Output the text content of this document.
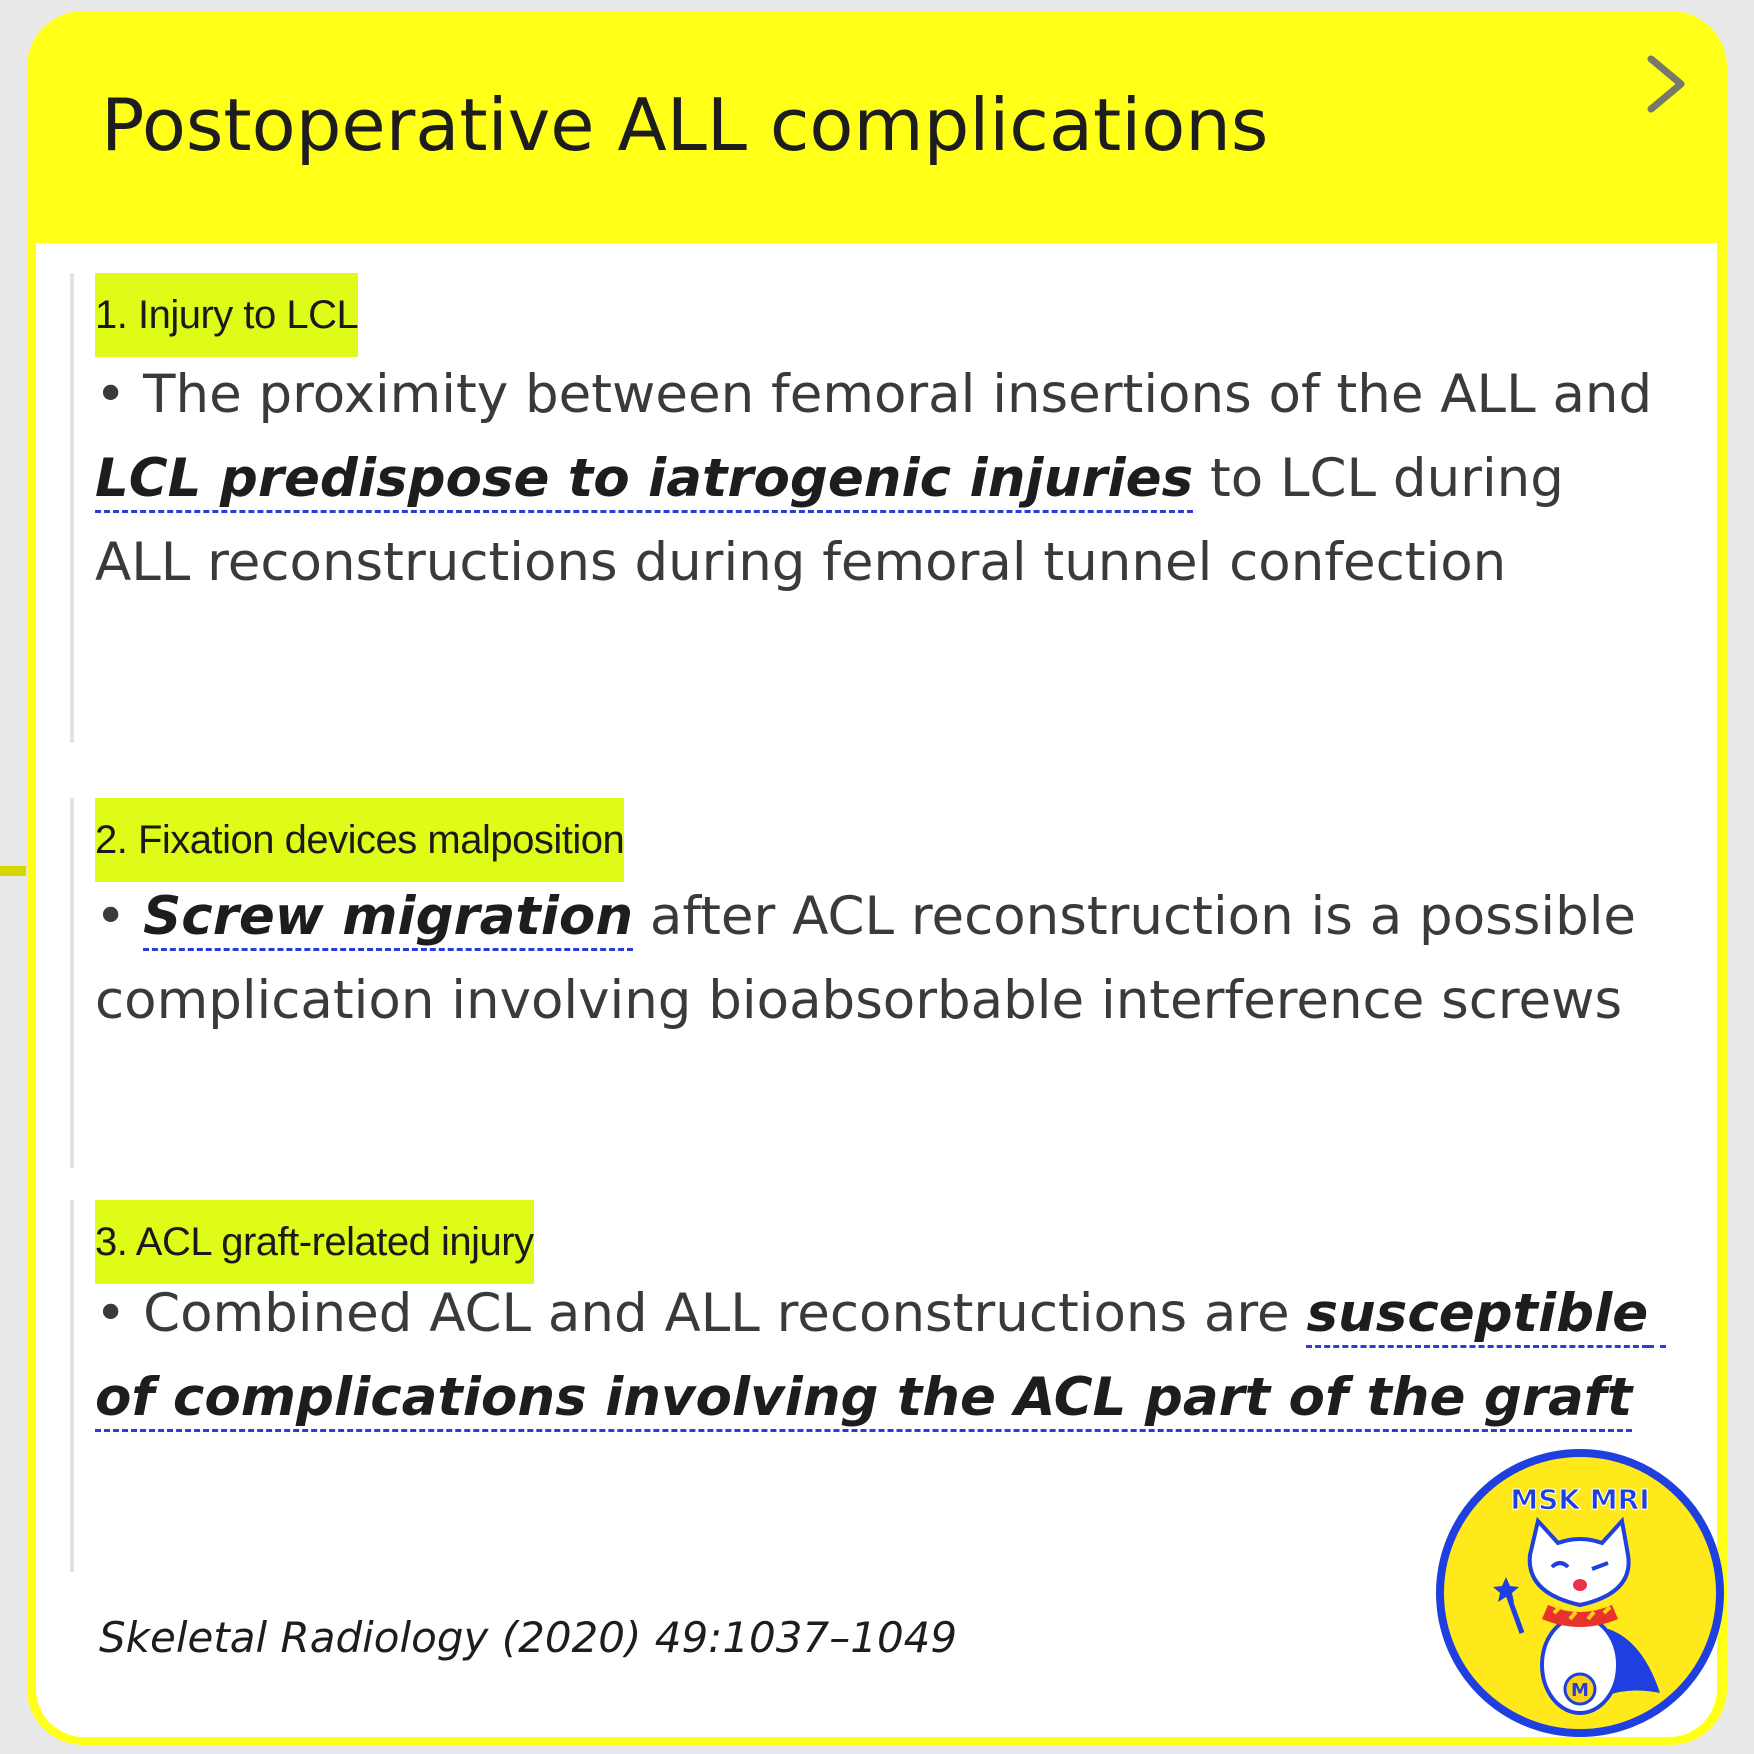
Postoperative ALL complications
1. Injury to LCL

• The proximity between femoral insertions of the ALL and LCL predispose to iatrogenic injuries to LCL during ALL reconstructions during femoral tunnel confection

2. Fixation devices malposition

• Screw migration after ACL reconstruction is a possible complication involving bioabsorbable interference screws

3. ACL graft-related injury

• Combined ACL and ALL reconstructions are susceptible of complications involving the ACL part of the graft

Skeletal Radiology (2020) 49:1037–1049

MSK MRI
M
